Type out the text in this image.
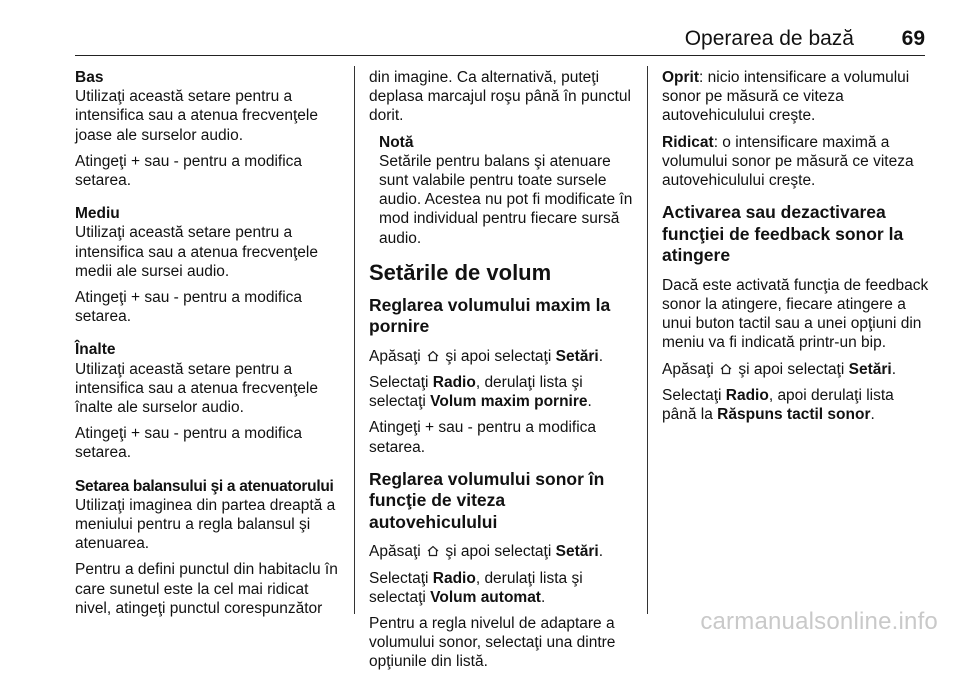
Operarea de bază 69
Bas

Utilizaţi această setare pentru a intensifica sau a atenua frecvenţele joase ale surselor audio.

Atingeţi + sau - pentru a modifica setarea.

Mediu

Utilizaţi această setare pentru a intensifica sau a atenua frecvenţele medii ale sursei audio.

Atingeţi + sau - pentru a modifica setarea.

Înalte

Utilizaţi această setare pentru a intensifica sau a atenua frecvenţele înalte ale surselor audio.

Atingeţi + sau - pentru a modifica setarea.

Setarea balansului şi a atenuatorului

Utilizaţi imaginea din partea dreaptă a meniului pentru a regla balansul şi atenuarea.

Pentru a defini punctul din habitaclu în care sunetul este la cel mai ridicat nivel, atingeţi punctul corespunzător

din imagine. Ca alternativă, puteţi deplasa marcajul roşu până în punctul dorit.

Notă
Setările pentru balans şi atenuare sunt valabile pentru toate sursele audio. Acestea nu pot fi modificate în mod individual pentru fiecare sursă audio.
Setările de volum
Reglarea volumului maxim la pornire

Apăsaţi
şi apoi selectaţi Setări.

Selectaţi Radio, derulaţi lista şi selectaţi Volum maxim pornire.

Atingeţi + sau - pentru a modifica setarea.

Reglarea volumului sonor în funcţie de viteza autovehiculului

Apăsaţi
şi apoi selectaţi Setări.

Selectaţi Radio, derulaţi lista şi selectaţi Volum automat.

Pentru a regla nivelul de adaptare a volumului sonor, selectaţi una dintre opţiunile din listă.

Oprit: nicio intensificare a volumului sonor pe măsură ce viteza autovehiculului creşte.

Ridicat: o intensificare maximă a volumului sonor pe măsură ce viteza autovehiculului creşte.

Activarea sau dezactivarea funcţiei de feedback sonor la atingere

Dacă este activată funcţia de feedback sonor la atingere, fiecare atingere a unui buton tactil sau a unei opţiuni din meniu va fi indicată printr-un bip.

Apăsaţi
şi apoi selectaţi Setări.

Selectaţi Radio, apoi derulaţi lista până la Răspuns tactil sonor.

carmanualsonline.info
